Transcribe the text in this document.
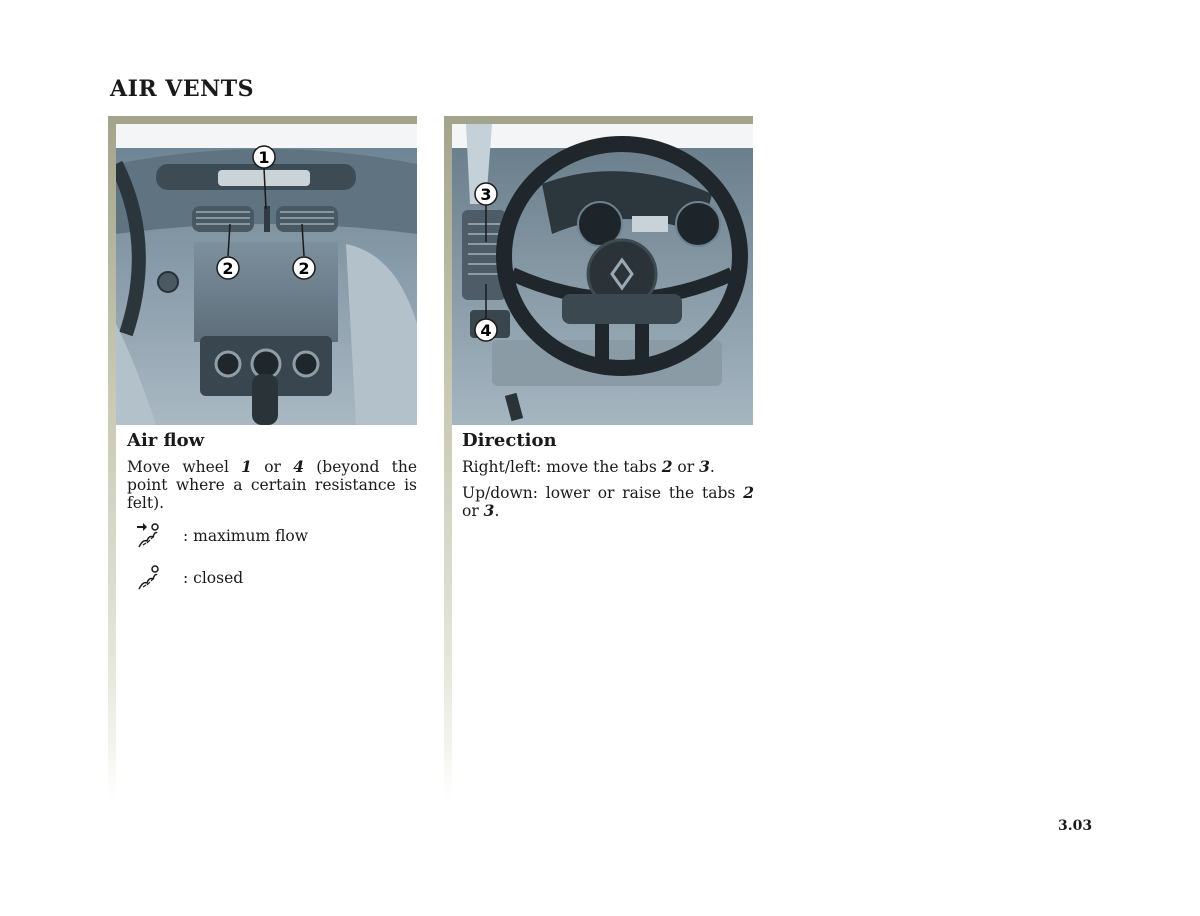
AIR VENTS
1
2	2
Air flow

Move wheel 1 or 4 (beyond the point where a certain resistance is felt).

: maximum flow
: closed
3
4
Direction

Right/left: move the tabs 2 or 3.

Up/down: lower or raise the tabs 2 or 3.

3.03
